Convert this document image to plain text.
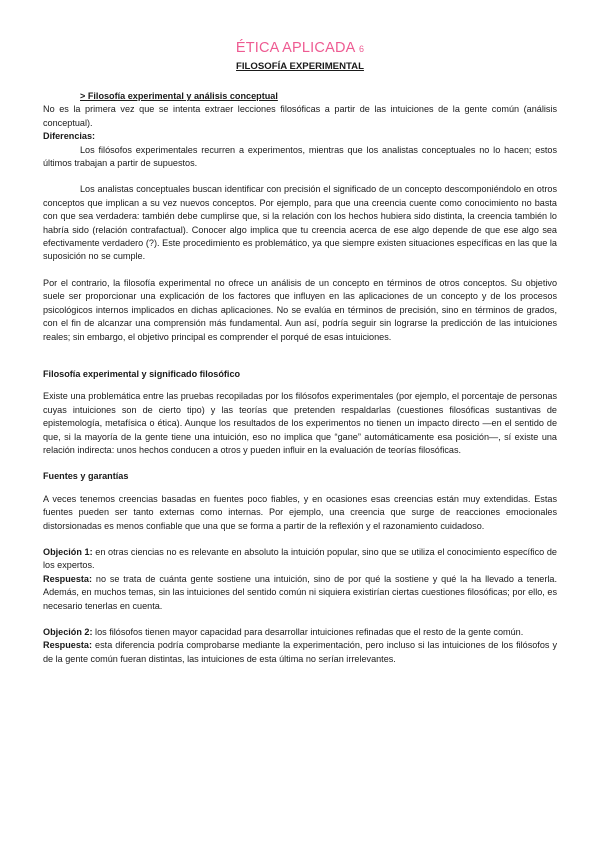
ÉTICA APLICADA 6
FILOSOFÍA EXPERIMENTAL
> Filosofía experimental y análisis conceptual

No es la primera vez que se intenta extraer lecciones filosóficas a partir de las intuiciones de la gente común (análisis conceptual).

Diferencias:

Los filósofos experimentales recurren a experimentos, mientras que los analistas conceptuales no lo hacen; estos últimos trabajan a partir de supuestos.

Los analistas conceptuales buscan identificar con precisión el significado de un concepto descomponiéndolo en otros conceptos que implican a su vez nuevos conceptos. Por ejemplo, para que una creencia cuente como conocimiento no basta con que sea verdadera: también debe cumplirse que, si la relación con los hechos hubiera sido distinta, la creencia también lo habría sido (relación contrafactual). Conocer algo implica que tu creencia acerca de ese algo depende de que ese algo sea efectivamente verdadero (?). Este procedimiento es problemático, ya que siempre existen situaciones específicas en las que la suposición no se cumple.

Por el contrario, la filosofía experimental no ofrece un análisis de un concepto en términos de otros conceptos. Su objetivo suele ser proporcionar una explicación de los factores que influyen en las aplicaciones de un concepto y de los procesos psicológicos internos implicados en dichas aplicaciones. No se evalúa en términos de precisión, sino en términos de grados, con el fin de alcanzar una comprensión más fundamental. Aun así, podría seguir sin lograrse la predicción de las intuiciones reales; sin embargo, el objetivo principal es comprender el porqué de esas intuiciones.

Filosofía experimental y significado filosófico

Existe una problemática entre las pruebas recopiladas por los filósofos experimentales (por ejemplo, el porcentaje de personas cuyas intuiciones son de cierto tipo) y las teorías que pretenden respaldarlas (cuestiones filosóficas sustantivas de epistemología, metafísica o ética). Aunque los resultados de los experimentos no tienen un impacto directo —en el sentido de que, si la mayoría de la gente tiene una intuición, eso no implica que “gane” automáticamente esa posición—, sí existe una relación indirecta: unos hechos conducen a otros y pueden influir en la evaluación de teorías filosóficas.

Fuentes y garantías

A veces tenemos creencias basadas en fuentes poco fiables, y en ocasiones esas creencias están muy extendidas. Estas fuentes pueden ser tanto externas como internas. Por ejemplo, una creencia que surge de reacciones emocionales distorsionadas es menos confiable que una que se forma a partir de la reflexión y el razonamiento cuidadoso.

Objeción 1: en otras ciencias no es relevante en absoluto la intuición popular, sino que se utiliza el conocimiento específico de los expertos.

Respuesta: no se trata de cuánta gente sostiene una intuición, sino de por qué la sostiene y qué la ha llevado a tenerla. Además, en muchos temas, sin las intuiciones del sentido común ni siquiera existirían ciertas cuestiones filosóficas; por ello, es necesario tenerlas en cuenta.

Objeción 2: los filósofos tienen mayor capacidad para desarrollar intuiciones refinadas que el resto de la gente común.

Respuesta: esta diferencia podría comprobarse mediante la experimentación, pero incluso si las intuiciones de los filósofos y de la gente común fueran distintas, las intuiciones de esta última no serían irrelevantes.
